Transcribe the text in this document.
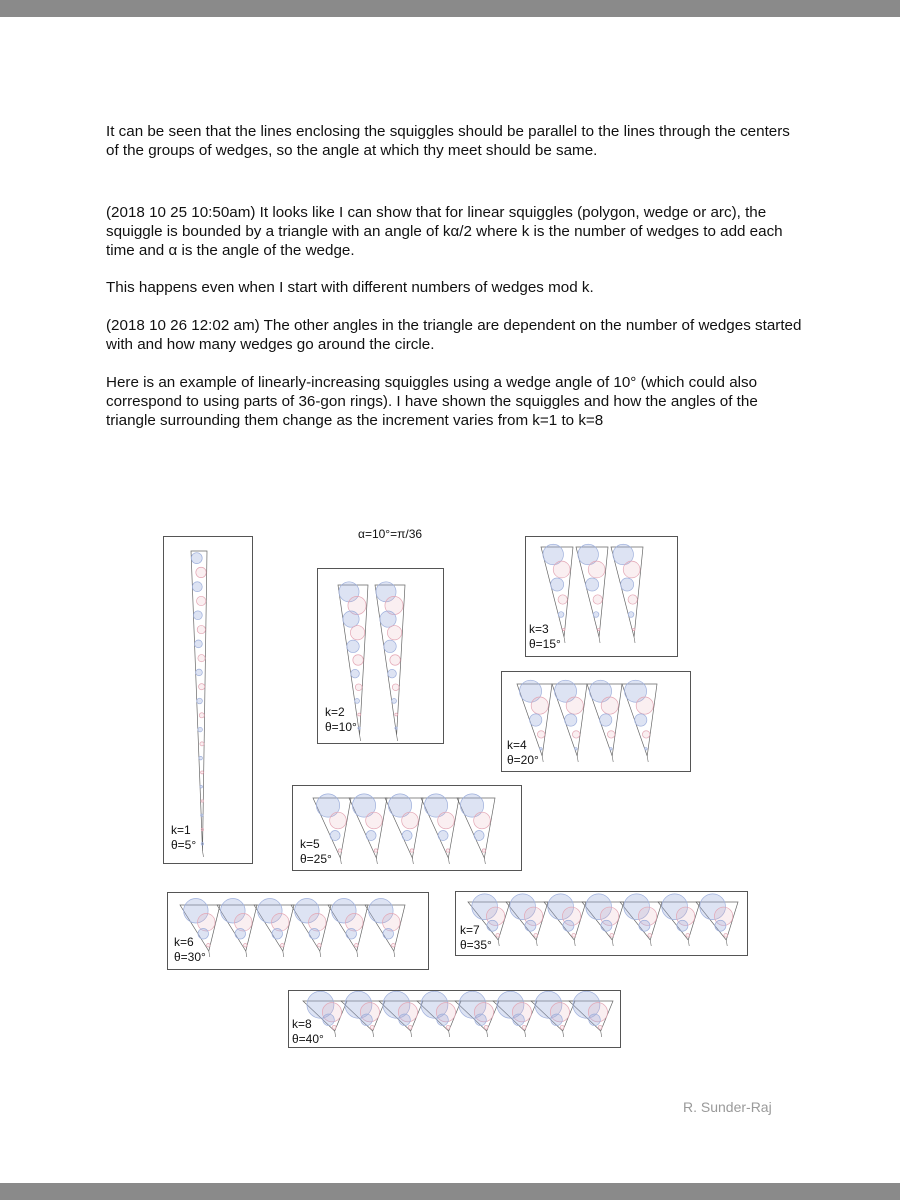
It can be seen that the lines enclosing the squiggles should be parallel to the lines through the centers of the groups of wedges, so the angle at which thy meet should be same.

(2018 10 25 10:50am) It looks like I can show that for linear squiggles (polygon, wedge or arc), the squiggle is bounded by a triangle with an angle of kα/2 where k is the number of wedges to add each time and α is the angle of the wedge.

This happens even when I start with different numbers of wedges mod k.

(2018 10 26 12:02 am) The other angles in the triangle are dependent on the number of wedges started with and how many wedges go around the circle.

Here is an example of linearly-increasing squiggles using a wedge angle of 10° (which could also correspond to using parts of 36-gon rings). I have shown the squiggles and how the angles of the triangle surrounding them change as the increment varies from k=1 to k=8

α=10°=π/36
k=1
θ=5°
k=2
θ=10°
k=3
θ=15°
k=4
θ=20°
k=5
θ=25°
k=6
θ=30°
k=7
θ=35°
k=8
θ=40°
R. Sunder-Raj
